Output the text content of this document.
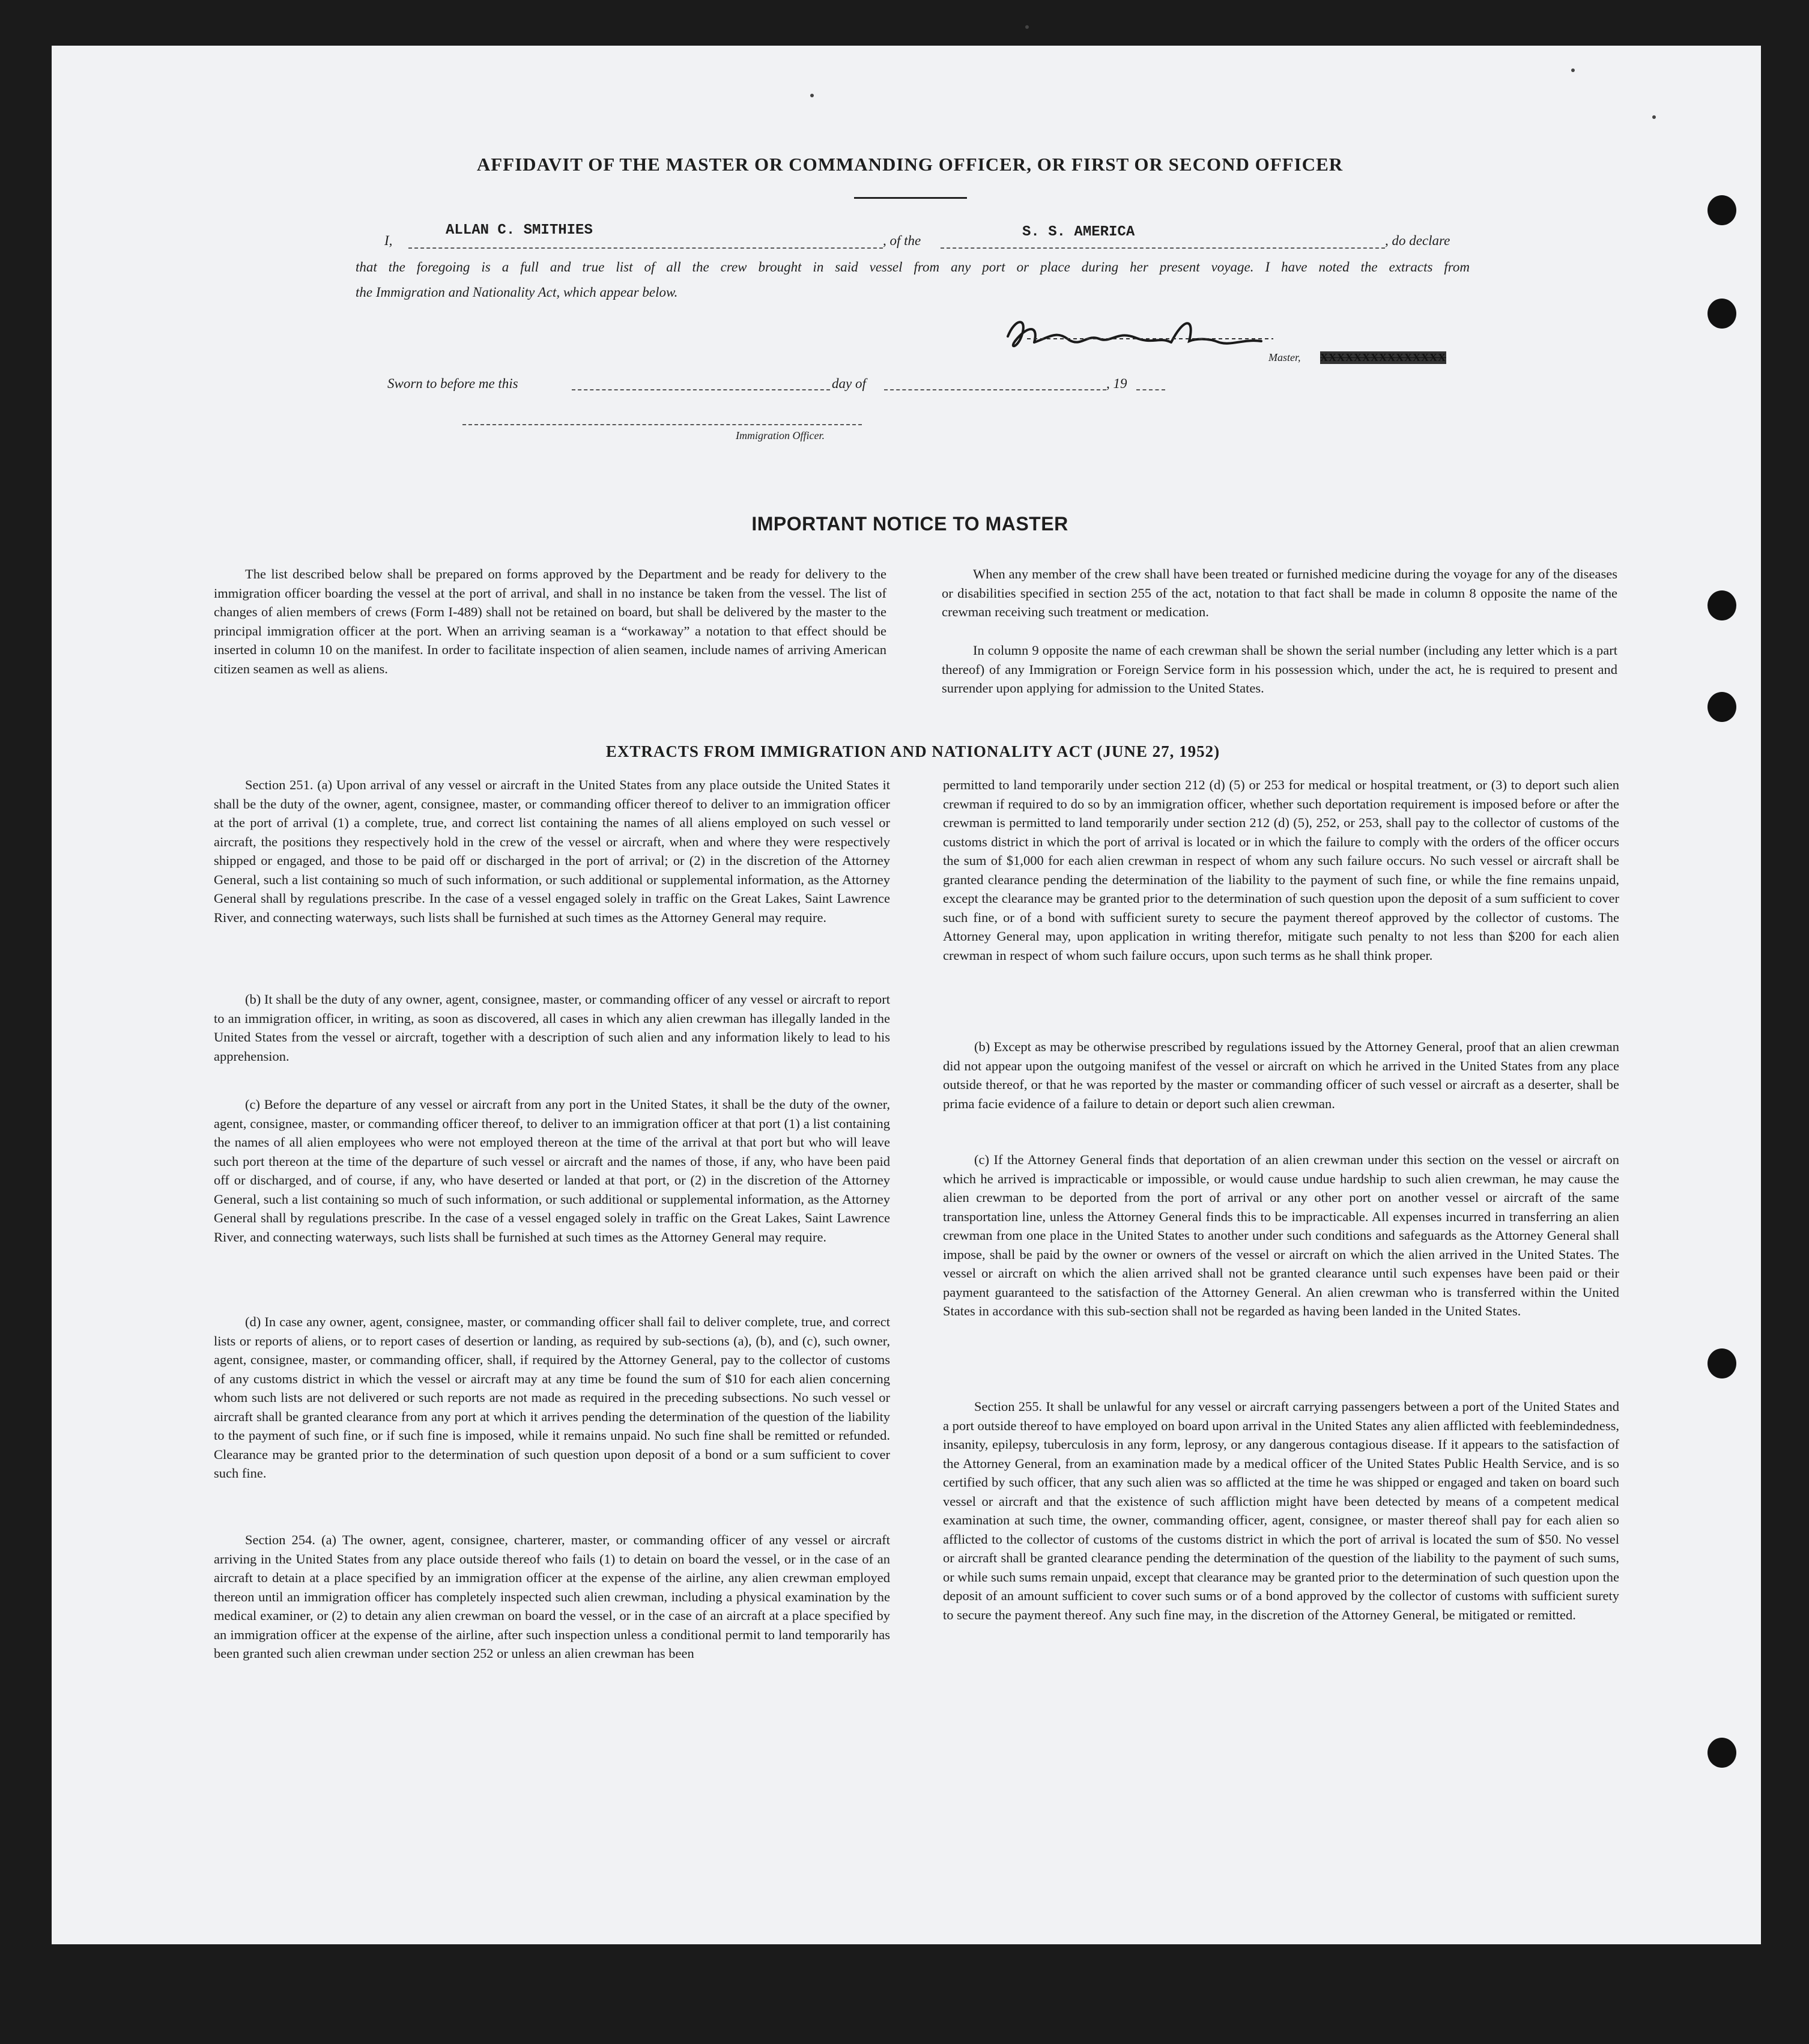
AFFIDAVIT OF THE MASTER OR COMMANDING OFFICER, OR FIRST OR SECOND OFFICER
I,
ALLAN C. SMITHIES
, of the
S. S. AMERICA
, do declare
that the foregoing is a full and true list of all the crew brought in said vessel from any port or place during her present voyage. I have noted the extracts from
the Immigration and Nationality Act, which appear below.
Master, XXXXXXXXXXXXXXX
Sworn to before me this	day of	, 19
Immigration Officer.
IMPORTANT NOTICE TO MASTER

The list described below shall be prepared on forms approved by the Department and be ready for delivery to the immigration officer boarding the vessel at the port of arrival, and shall in no instance be taken from the vessel. The list of changes of alien members of crews (Form I-489) shall not be retained on board, but shall be delivered by the master to the principal immigration officer at the port. When an arriving seaman is a “workaway” a notation to that effect should be inserted in column 10 on the manifest. In order to facilitate inspection of alien seamen, include names of arriving American citizen seamen as well as aliens.

When any member of the crew shall have been treated or furnished medicine during the voyage for any of the diseases or disabilities specified in section 255 of the act, notation to that fact shall be made in column 8 opposite the name of the crewman receiving such treatment or medication.

In column 9 opposite the name of each crewman shall be shown the serial number (including any letter which is a part thereof) of any Immigration or Foreign Service form in his possession which, under the act, he is required to present and surrender upon applying for admission to the United States.

EXTRACTS FROM IMMIGRATION AND NATIONALITY ACT (JUNE 27, 1952)

Section 251. (a) Upon arrival of any vessel or aircraft in the United States from any place outside the United States it shall be the duty of the owner, agent, consignee, master, or commanding officer thereof to deliver to an immigration officer at the port of arrival (1) a complete, true, and correct list containing the names of all aliens employed on such vessel or aircraft, the positions they respectively hold in the crew of the vessel or aircraft, when and where they were respectively shipped or engaged, and those to be paid off or discharged in the port of arrival; or (2) in the discretion of the Attorney General, such a list containing so much of such information, or such additional or supplemental information, as the Attorney General shall by regulations prescribe. In the case of a vessel engaged solely in traffic on the Great Lakes, Saint Lawrence River, and connecting waterways, such lists shall be furnished at such times as the Attorney General may require.

(b) It shall be the duty of any owner, agent, consignee, master, or commanding officer of any vessel or aircraft to report to an immigration officer, in writing, as soon as discovered, all cases in which any alien crewman has illegally landed in the United States from the vessel or aircraft, together with a description of such alien and any information likely to lead to his apprehension.

(c) Before the departure of any vessel or aircraft from any port in the United States, it shall be the duty of the owner, agent, consignee, master, or commanding officer thereof, to deliver to an immigration officer at that port (1) a list containing the names of all alien employees who were not employed thereon at the time of the arrival at that port but who will leave such port thereon at the time of the departure of such vessel or aircraft and the names of those, if any, who have been paid off or discharged, and of course, if any, who have deserted or landed at that port, or (2) in the discretion of the Attorney General, such a list containing so much of such information, or such additional or supplemental information, as the Attorney General shall by regulations prescribe. In the case of a vessel engaged solely in traffic on the Great Lakes, Saint Lawrence River, and connecting waterways, such lists shall be furnished at such times as the Attorney General may require.

(d) In case any owner, agent, consignee, master, or commanding officer shall fail to deliver complete, true, and correct lists or reports of aliens, or to report cases of desertion or landing, as required by sub-sections (a), (b), and (c), such owner, agent, consignee, master, or commanding officer, shall, if required by the Attorney General, pay to the collector of customs of any customs district in which the vessel or aircraft may at any time be found the sum of $10 for each alien concerning whom such lists are not delivered or such reports are not made as required in the preceding subsections. No such vessel or aircraft shall be granted clearance from any port at which it arrives pending the determination of the question of the liability to the payment of such fine, or if such fine is imposed, while it remains unpaid. No such fine shall be remitted or refunded. Clearance may be granted prior to the determination of such question upon deposit of a bond or a sum sufficient to cover such fine.

Section 254. (a) The owner, agent, consignee, charterer, master, or commanding officer of any vessel or aircraft arriving in the United States from any place outside thereof who fails (1) to detain on board the vessel, or in the case of an aircraft to detain at a place specified by an immigration officer at the expense of the airline, any alien crewman employed thereon until an immigration officer has completely inspected such alien crewman, including a physical examination by the medical examiner, or (2) to detain any alien crewman on board the vessel, or in the case of an aircraft at a place specified by an immigration officer at the expense of the airline, after such inspection unless a conditional permit to land temporarily has been granted such alien crewman under section 252 or unless an alien crewman has been

permitted to land temporarily under section 212 (d) (5) or 253 for medical or hospital treatment, or (3) to deport such alien crewman if required to do so by an immigration officer, whether such deportation requirement is imposed before or after the crewman is permitted to land temporarily under section 212 (d) (5), 252, or 253, shall pay to the collector of customs of the customs district in which the port of arrival is located or in which the failure to comply with the orders of the officer occurs the sum of $1,000 for each alien crewman in respect of whom any such failure occurs. No such vessel or aircraft shall be granted clearance pending the determination of the liability to the payment of such fine, or while the fine remains unpaid, except the clearance may be granted prior to the determination of such question upon the deposit of a sum sufficient to cover such fine, or of a bond with sufficient surety to secure the payment thereof approved by the collector of customs. The Attorney General may, upon application in writing therefor, mitigate such penalty to not less than $200 for each alien crewman in respect of whom such failure occurs, upon such terms as he shall think proper.

(b) Except as may be otherwise prescribed by regulations issued by the Attorney General, proof that an alien crewman did not appear upon the outgoing manifest of the vessel or aircraft on which he arrived in the United States from any place outside thereof, or that he was reported by the master or commanding officer of such vessel or aircraft as a deserter, shall be prima facie evidence of a failure to detain or deport such alien crewman.

(c) If the Attorney General finds that deportation of an alien crewman under this section on the vessel or aircraft on which he arrived is impracticable or impossible, or would cause undue hardship to such alien crewman, he may cause the alien crewman to be deported from the port of arrival or any other port on another vessel or aircraft of the same transportation line, unless the Attorney General finds this to be impracticable. All expenses incurred in transferring an alien crewman from one place in the United States to another under such conditions and safeguards as the Attorney General shall impose, shall be paid by the owner or owners of the vessel or aircraft on which the alien arrived in the United States. The vessel or aircraft on which the alien arrived shall not be granted clearance until such expenses have been paid or their payment guaranteed to the satisfaction of the Attorney General. An alien crewman who is transferred within the United States in accordance with this sub-section shall not be regarded as having been landed in the United States.

Section 255. It shall be unlawful for any vessel or aircraft carrying passengers between a port of the United States and a port outside thereof to have employed on board upon arrival in the United States any alien afflicted with feeblemindedness, insanity, epilepsy, tuberculosis in any form, leprosy, or any dangerous contagious disease. If it appears to the satisfaction of the Attorney General, from an examination made by a medical officer of the United States Public Health Service, and is so certified by such officer, that any such alien was so afflicted at the time he was shipped or engaged and taken on board such vessel or aircraft and that the existence of such affliction might have been detected by means of a competent medical examination at such time, the owner, commanding officer, agent, consignee, or master thereof shall pay for each alien so afflicted to the collector of customs of the customs district in which the port of arrival is located the sum of $50. No vessel or aircraft shall be granted clearance pending the determination of the question of the liability to the payment of such sums, or while such sums remain unpaid, except that clearance may be granted prior to the determination of such question upon the deposit of an amount sufficient to cover such sums or of a bond approved by the collector of customs with sufficient surety to secure the payment thereof. Any such fine may, in the discretion of the Attorney General, be mitigated or remitted.
